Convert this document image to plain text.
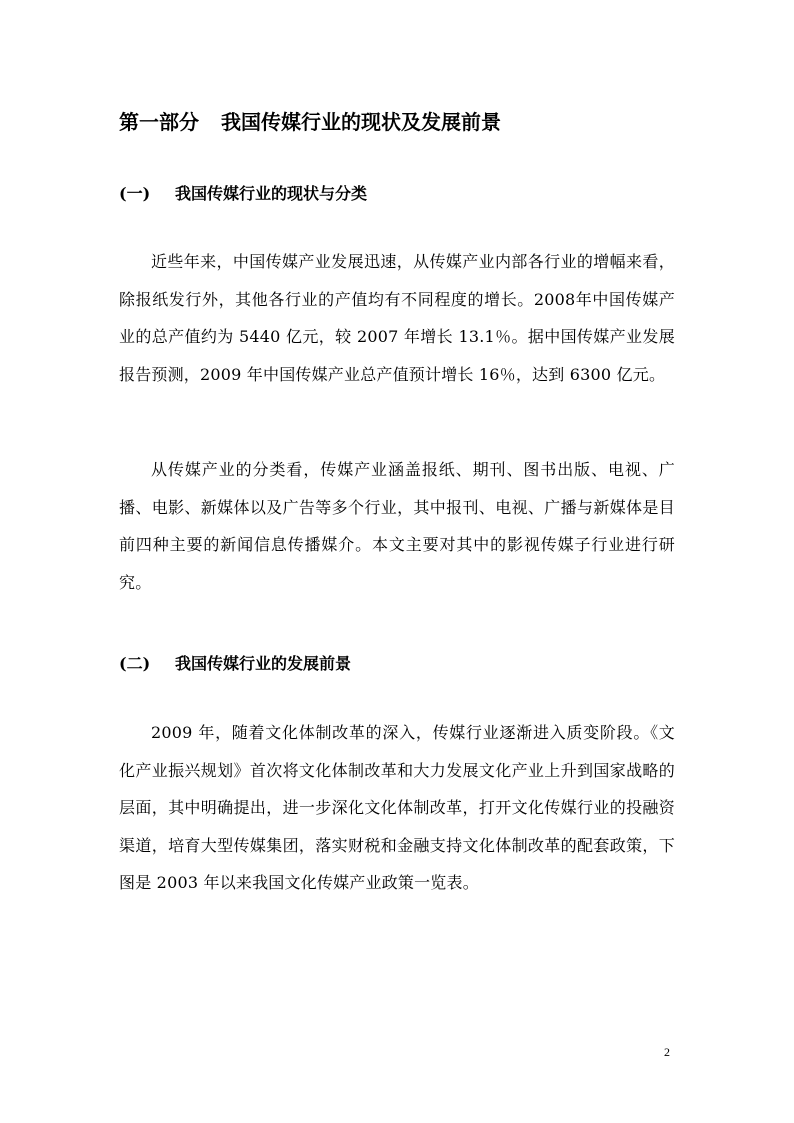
第一部分 我国传媒行业的现状及发展前景
(一) 我国传媒行业的现状与分类

近些年来，中国传媒产业发展迅速，从传媒产业内部各行业的增幅来看，除报纸发行外，其他各行业的产值均有不同程度的增长。2008年中国传媒产业的总产值约为 5440 亿元，较 2007 年增长 13.1％。据中国传媒产业发展报告预测，2009 年中国传媒产业总产值预计增长 16％，达到 6300 亿元。

从传媒产业的分类看，传媒产业涵盖报纸、期刊、图书出版、电视、广播、电影、新媒体以及广告等多个行业，其中报刊、电视、广播与新媒体是目前四种主要的新闻信息传播媒介。本文主要对其中的影视传媒子行业进行研究。

(二) 我国传媒行业的发展前景

2009 年，随着文化体制改革的深入，传媒行业逐渐进入质变阶段。《文化产业振兴规划》首次将文化体制改革和大力发展文化产业上升到国家战略的层面，其中明确提出，进一步深化文化体制改革，打开文化传媒行业的投融资渠道，培育大型传媒集团，落实财税和金融支持文化体制改革的配套政策，下图是 2003 年以来我国文化传媒产业政策一览表。

2
